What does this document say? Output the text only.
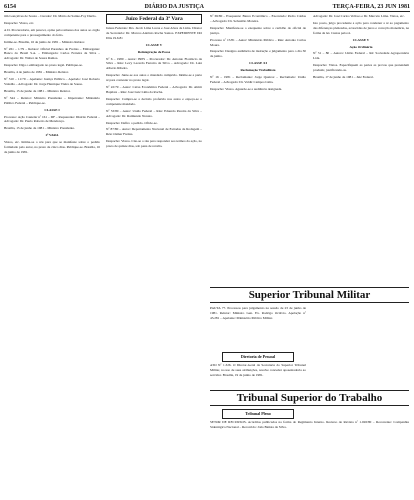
6154	DIÁRIO DA JUSTIÇA	TERÇA-FEIRA, 23 JUN 1981

tim Gonçalves de Souza – Curador: Dr. Mário de Sainte-Foy Durão.

Despacho: Vistos, etc.

A D. Procuradoria, em parecer, opina pela remessa dos autos ao órgão competente para o prosseguimento do feito.

Intime-se. Brasília, 16 de junho de 1981 – Ministro Relator.

Nº 261 – 1/79 – Relator: Oficial Paranhos de Freitas – Embargante: Banco do Brasil S.A. – Embargado: Carlos Ferreira da Silva – Advogado: Dr. Walter de Souza Ramos.

Despacho: Diga o embargado no prazo legal. Publique-se.

Brasília, 4 de junho de 1981 – Ministro Relator.

Nº 310 – 11/79 – Apelante: Justiça Pública – Apelado: José Roberto Valadão – Advogado: Dr. Jorge Henrique Vieira de Sousa.

Brasília, 15 de junho de 1981 – Ministro Relator.

Nº 344 – Relator: Ministro Presidente – Impetrante: Ministério Público Federal – Publique-se.

CLASSE I

Processo: Ação Cautelar nº 161 – DF – Requerente: Distrito Federal – Advogado: Dr. Paulo Roberto de Mendonça.

Brasília, 15 de junho de 1981 – Ministro Presidente.

2ª VARA

Vistos, etc. Intime-se o réu para que se manifeste sobre o pedido formulado pelo autor, no prazo de cinco dias. Publique-se. Brasília, 16 de junho de 1981.

Juízo Federal da 3ª Vara

Juízes Federais: Drs. Jacob Lima Lucas e José Alves de Lima. Diretor de Secretaria: Dr. Marcos Antônio Rocha Santos. EXPEDIENTE DO DIA 19.6.81

CLASSE V

Reintegração de Posse

Nº 6 – 1980 – Autor: INPS – Procurador: Dr. Antonio Florêncio da Silva – Réu: Levy Lacerda Ferreira da Silva – Advogado: Dr. Luiz Alberto Ribeiro.

Despacho: Junte-se aos autos o mandado cumprido. Intime-se a parte ré para contestar no prazo legal.

Nº 22/79 – Autor: Caixa Econômica Federal – Advogado: Dr. Almir Baptista – Réu: José Luiz Lima da Rocha.

Despacho: Cumpra-se a decisão proferida nos autos e expeça-se o competente mandado.

Nº 53/80 – Autor: União Federal – Réu: Eduardo Pereira da Silva – Advogado: Dr. Raimundo Nonato.

Despacho: Defiro o pedido. Oficie-se.

Nº 87/80 – Autor: Departamento Nacional de Estradas de Rodagem – Réu: Osmar Freitas.

Despacho: Vistos. Cite-se o réu para responder aos termos da ação, no prazo de quinze dias, sob pena de revelia.

Nº 69/80 – Exequente: Banco Econômico – Executado: Pedro Caldas – Advogado: Dr. Sebastião Moreira.

Despacho: Manifeste-se o exequente sobre a certidão do oficial de justiça.

Processo nº 15/81 – Autor: Ministério Público – Réu: Antonio Carlos Moura.

Despacho: Designo audiência de instrução e julgamento para o dia 30 de junho.

CLASSE XI

Reclamação Trabalhista

Nº 16 – 1981 – Reclamante: Jorge Queiroz – Reclamado: União Federal – Advogado: Dr. Valdir Campos Lima.

Despacho: Vistos. Aguarde-se a audiência designada.

Advogado: Dr. José Carlos Velloso e Dr. Marcelo Lima. Vistos, etc.

Isto posto, julgo procedente a ação para condenar a ré ao pagamento das diferenças pleiteadas, acrescidas de juros e correção monetária, na forma da lei. Custas pela ré.

CLASSE V

Ação Ordinária

Nº 51 – 80 – Autora: União Federal – Ré: Sociedade Agropecuária Ltda.

Despacho: Vistos. Especifiquem as partes as provas que pretendem produzir, justificando-as.

Brasília, 17 de junho de 1981 – Juiz Federal.

Superior Tribunal Militar
PAUTA 77. Processos para julgamento na sessão de 23 de junho de 1981. Relator: Ministro Gen. Ex. Rodrigo Octávio. Apelação nº 43.281 – Apelante: Ministério Público Militar.
Diretoria de Pessoal
ATO Nº 1.326. O Diretor-Geral da Secretaria do Superior Tribunal Militar, no uso de suas atribuições, resolve conceder aposentadoria ao servidor. Brasília, 19 de junho de 1981.
Tribunal Superior do Trabalho
Tribunal Pleno
SETOR DE RECURSOS. Acórdãos publicados na forma do Regimento Interno. Recurso de Revista nº 1.026/80 – Recorrente: Companhia Siderúrgica Nacional – Recorrido: João Batista da Silva.
